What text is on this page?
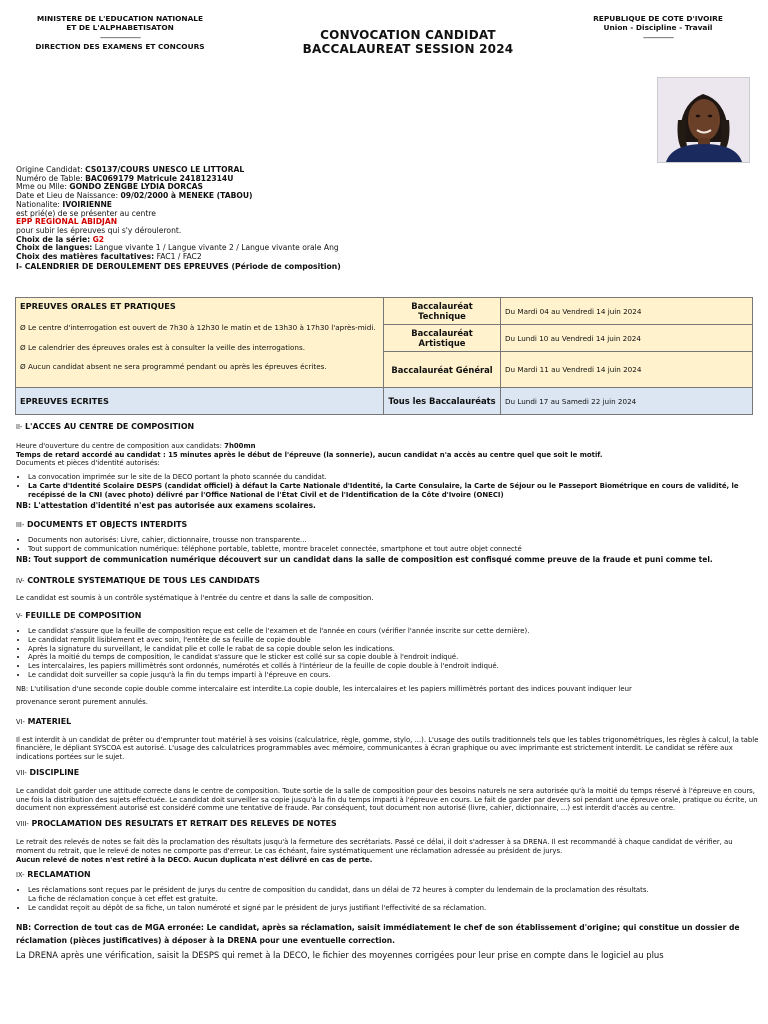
MINISTERE DE L'EDUCATION NATIONALE
ET DE L'ALPHABETISATON
------------------------
DIRECTION DES EXAMENS ET CONCOURS
REPUBLIQUE DE COTE D'IVOIRE
Union - Discipline - Travail
------------------
CONVOCATION CANDIDAT
BACCALAUREAT SESSION 2024
Origine Candidat: CS0137/COURS UNESCO LE LITTORAL
Numéro de Table: BAC069179 Matricule 241812314U
Mme ou Mlle: GONDO ZENGBE LYDIA DORCAS
Date et Lieu de Naissance: 09/02/2000 à MENEKE (TABOU)
Nationalite: IVOIRIENNE
est prié(e) de se présenter au centre
EPP REGIONAL ABIDJAN
pour subir les épreuves qui s'y dérouleront.
Choix de la série: G2
Choix de langues: Langue vivante 1 / Langue vivante 2 / Langue vivante orale Ang
Choix des matières facultatives: FAC1 / FAC2
I- CALENDRIER DE DEROULEMENT DES EPREUVES (Période de composition)
EPREUVES ORALES ET PRATIQUES
Ø Le centre d'interrogation est ouvert de 7h30 à 12h30 le matin et de 13h30 à 17h30 l'après-midi.
Ø Le calendrier des épreuves orales est à consulter la veille des interrogations.
Ø Aucun candidat absent ne sera programmé pendant ou après les épreuves écrites.	Baccalauréat Technique	Du Mardi 04 au Vendredi 14 juin 2024
	Baccalauréat Artistique	Du Lundi 10 au Vendredi 14 juin 2024
	Baccalauréat Général	Du Mardi 11 au Vendredi 14 juin 2024
EPREUVES ECRITES	Tous les Baccalauréats	Du Lundi 17 au Samedi 22 juin 2024
II- L'ACCES AU CENTRE DE COMPOSITION

Heure d'ouverture du centre de composition aux candidats: 7h00mn

Temps de retard accordé au candidat : 15 minutes après le début de l'épreuve (la sonnerie), aucun candidat n'a accès au centre quel que soit le motif.

Documents et pièces d'identité autorisés:

• La convocation imprimée sur le site de la DECO portant la photo scannée du candidat.
• La Carte d'Identité Scolaire DESPS (candidat officiel) à défaut la Carte Nationale d'Identité, la Carte Consulaire, la Carte de Séjour ou le Passeport Biométrique en cours de validité, le recépissé de la CNI (avec photo) délivré par l'Office National de l'État Civil et de l'Identification de la Côte d'Ivoire (ONECI)

NB: L'attestation d'identité n'est pas autorisée aux examens scolaires.

III- DOCUMENTS ET OBJECTS INTERDITS
• Documents non autorisés: Livre, cahier, dictionnaire, trousse non transparente...
• Tout support de communication numérique: téléphone portable, tablette, montre bracelet connectée, smartphone et tout autre objet connecté

NB: Tout support de communication numérique découvert sur un candidat dans la salle de composition est confisqué comme preuve de la fraude et puni comme tel.

IV- CONTROLE SYSTEMATIQUE DE TOUS LES CANDIDATS

Le candidat est soumis à un contrôle systématique à l'entrée du centre et dans la salle de composition.

V- FEUILLE DE COMPOSITION
• Le candidat s'assure que la feuille de composition reçue est celle de l'examen et de l'année en cours (vérifier l'année inscrite sur cette dernière).
• Le candidat remplit lisiblement et avec soin, l'entête de sa feuille de copie double
• Après la signature du surveillant, le candidat plie et colle le rabat de sa copie double selon les indications.
• Après la moitié du temps de composition, le candidat s'assure que le sticker est collé sur sa copie double à l'endroit indiqué.
• Les intercalaires, les papiers millimètrés sont ordonnés, numérotés et collés à l'intérieur de la feuille de copie double à l'endroit indiqué.
• Le candidat doit surveiller sa copie jusqu'à la fin du temps imparti à l'épreuve en cours.

NB: L'utilisation d'une seconde copie double comme intercalaire est interdite.La copie double, les intercalaires et les papiers millimètrés portant des indices pouvant indiquer leur

provenance seront purement annulés.

VI- MATERIEL

Il est interdit à un candidat de prêter ou d'emprunter tout matériel à ses voisins (calculatrice, règle, gomme, stylo, ...). L'usage des outils traditionnels tels que les tables trigonométriques, les règles à calcul, la table financière, le dépliant SYSCOA est autorisé. L'usage des calculatrices programmables avec mémoire, communicantes à écran graphique ou avec imprimante est strictement interdit. Le candidat se réfère aux indications portées sur le sujet.

VII- DISCIPLINE

Le candidat doit garder une attitude correcte dans le centre de composition. Toute sortie de la salle de composition pour des besoins naturels ne sera autorisée qu'à la moitié du temps réservé à l'épreuve en cours, une fois la distribution des sujets effectuée. Le candidat doit surveiller sa copie jusqu'à la fin du temps imparti à l'épreuve en cours. Le fait de garder par devers soi pendant une épreuve orale, pratique ou écrite, un document non expressément autorisé est considéré comme une tentative de fraude. Par conséquent, tout document non autorisé (livre, cahier, dictionnaire, ...) est interdit d'accès au centre.

VIII- PROCLAMATION DES RESULTATS ET RETRAIT DES RELEVES DE NOTES

Le retrait des relevés de notes se fait dès la proclamation des résultats jusqu'à la fermeture des secrétariats. Passé ce délai, il doit s'adresser à sa DRENA. Il est recommandé à chaque candidat de vérifier, au moment du retrait, que le relevé de notes ne comporte pas d'erreur. Le cas échéant, faire systématiquement une réclamation adressée au président de jurys.

Aucun relevé de notes n'est retiré à la DECO. Aucun duplicata n'est délivré en cas de perte.

IX- RECLAMATION
• Les réclamations sont reçues par le président de jurys du centre de composition du candidat, dans un délai de 72 heures à compter du lendemain de la proclamation des résultats.
La fiche de réclamation conçue à cet effet est gratuite.
• Le candidat reçoit au dépôt de sa fiche, un talon numéroté et signé par le président de jurys justifiant l'effectivité de sa réclamation.

NB: Correction de tout cas de MGA erronée: Le candidat, après sa réclamation, saisit immédiatement le chef de son établissement d'origine; qui constitue un dossier de réclamation (pièces justificatives) à déposer à la DRENA pour une eventuelle correction.

La DRENA après une vérification, saisit la DESPS qui remet à la DECO, le fichier des moyennes corrigées pour leur prise en compte dans le logiciel au plus
